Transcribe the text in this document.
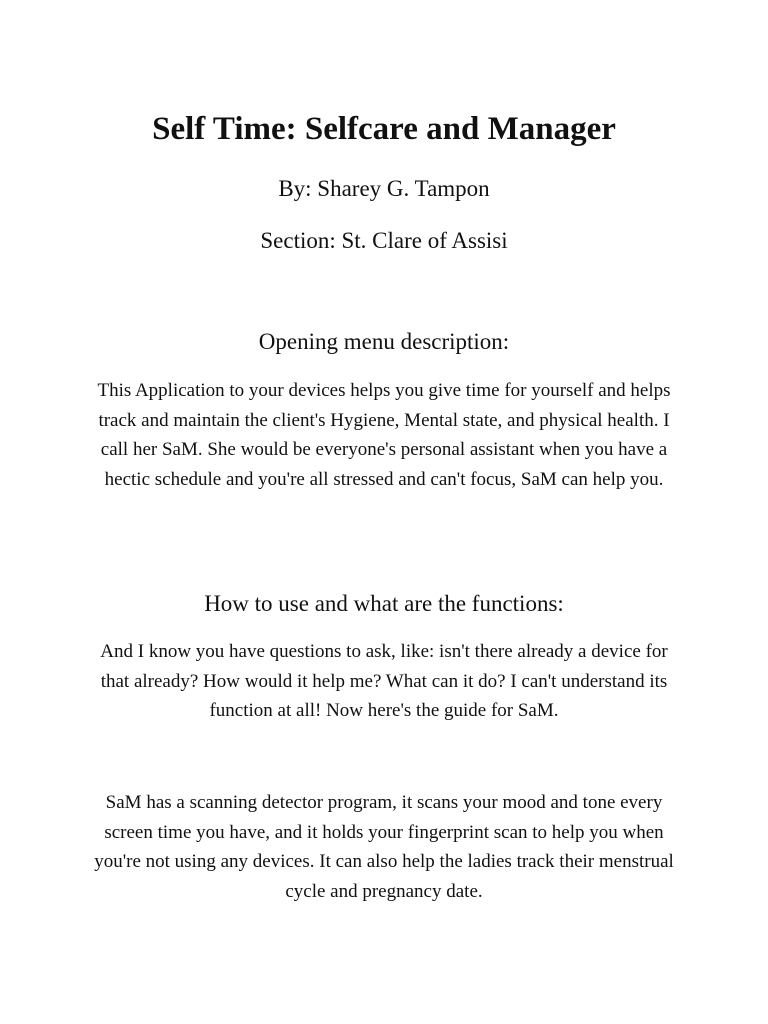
Self Time: Selfcare and Manager

By: Sharey G. Tampon

Section: St. Clare of Assisi

Opening menu description:

This Application to your devices helps you give time for yourself and helps track and maintain the client's Hygiene, Mental state, and physical health. I call her SaM. She would be everyone's personal assistant when you have a hectic schedule and you're all stressed and can't focus, SaM can help you.

How to use and what are the functions:

And I know you have questions to ask, like: isn't there already a device for that already? How would it help me? What can it do? I can't understand its function at all! Now here's the guide for SaM.

SaM has a scanning detector program, it scans your mood and tone every screen time you have, and it holds your fingerprint scan to help you when you're not using any devices. It can also help the ladies track their menstrual cycle and pregnancy date.
